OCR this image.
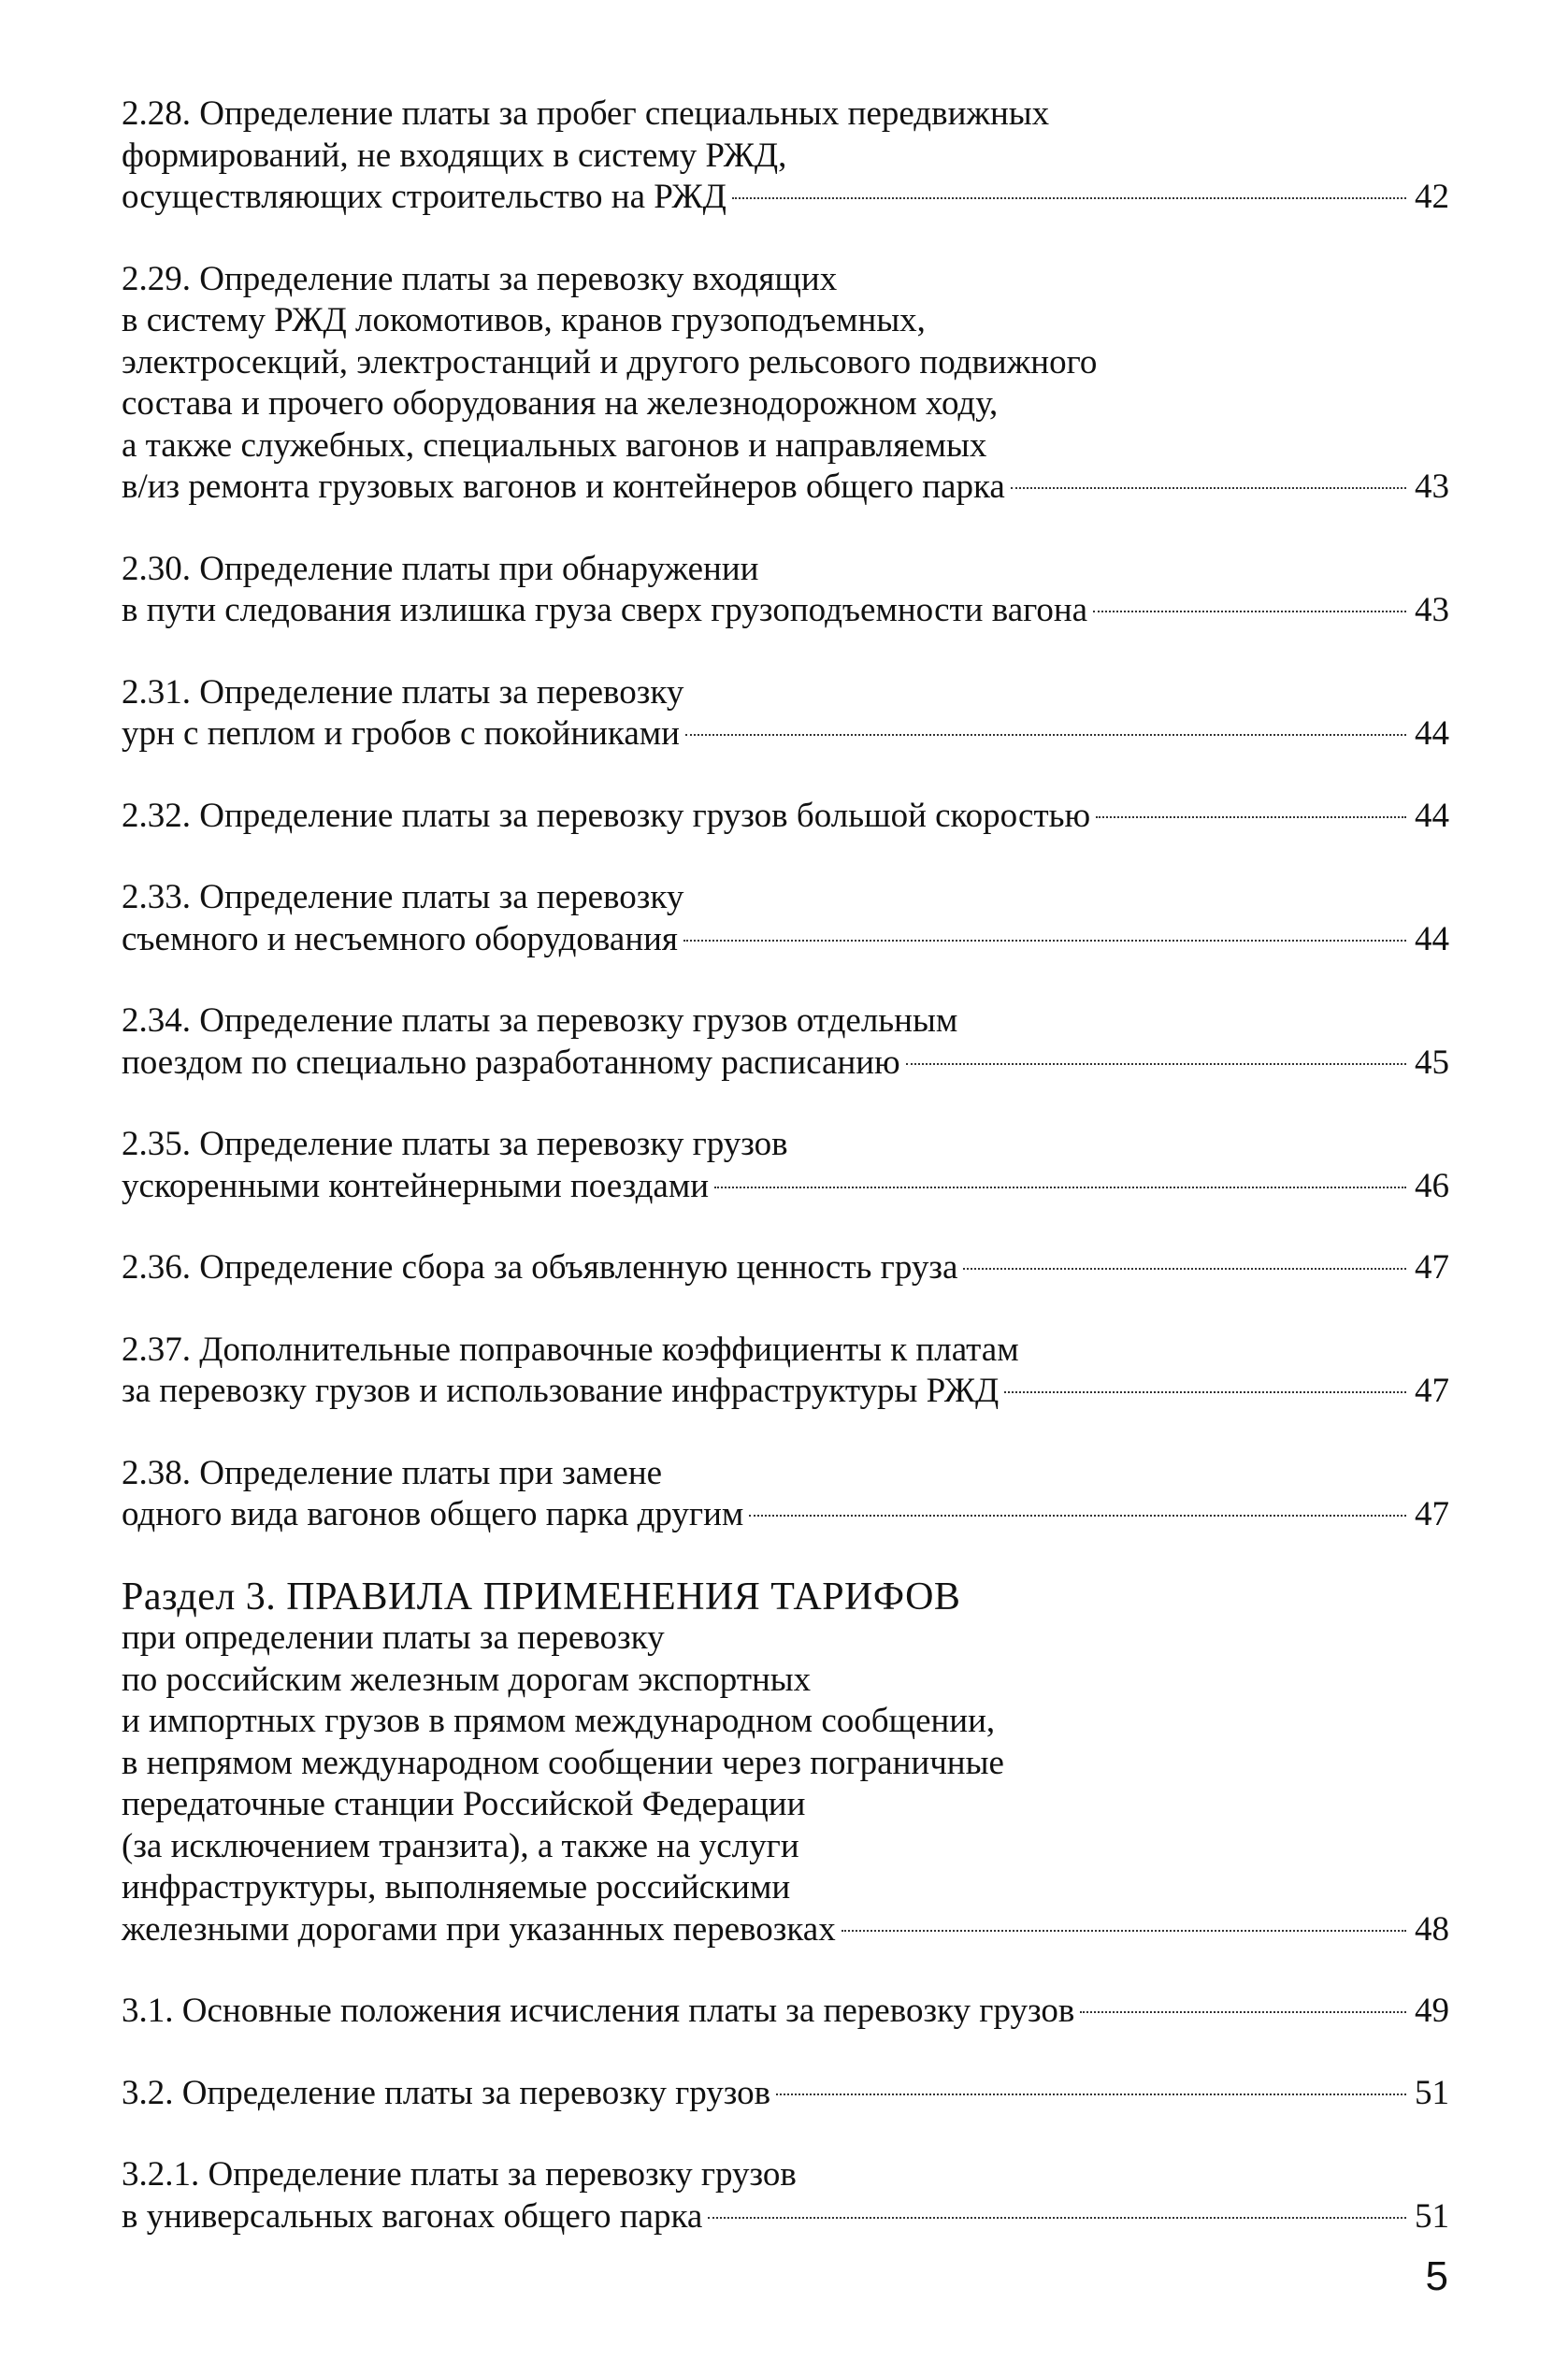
2.28. Определение платы за пробег специальных передвижных
формирований, не входящих в систему РЖД,
осуществляющих строительство на РЖД	42
2.29. Определение платы за перевозку входящих
в систему РЖД локомотивов, кранов грузоподъемных,
электросекций, электростанций и другого рельсового подвижного
состава и прочего оборудования на железнодорожном ходу,
а также служебных, специальных вагонов и направляемых
в/из ремонта грузовых вагонов и контейнеров общего парка	43
2.30. Определение платы при обнаружении
в пути следования излишка груза сверх грузоподъемности вагона	43
2.31. Определение платы за перевозку
урн с пеплом и гробов с покойниками	44
2.32. Определение платы за перевозку грузов большой скоростью	44
2.33. Определение платы за перевозку
съемного и несъемного оборудования	44
2.34. Определение платы за перевозку грузов отдельным
поездом по специально разработанному расписанию	45
2.35. Определение платы за перевозку грузов
ускоренными контейнерными поездами	46
2.36. Определение сбора за объявленную ценность груза	47
2.37. Дополнительные поправочные коэффициенты к платам
за перевозку грузов и использование инфраструктуры РЖД	47
2.38. Определение платы при замене
одного вида вагонов общего парка другим	47
Раздел 3. ПРАВИЛА ПРИМЕНЕНИЯ ТАРИФОВ
при определении платы за перевозку
по российским железным дорогам экспортных
и импортных грузов в прямом международном сообщении,
в непрямом международном сообщении через пограничные
передаточные станции Российской Федерации
(за исключением транзита), а также на услуги
инфраструктуры, выполняемые российскими
железными дорогами при указанных перевозках	48
3.1. Основные положения исчисления платы за перевозку грузов	49
3.2. Определение платы за перевозку грузов	51
3.2.1. Определение платы за перевозку грузов
в универсальных вагонах общего парка	51
5
